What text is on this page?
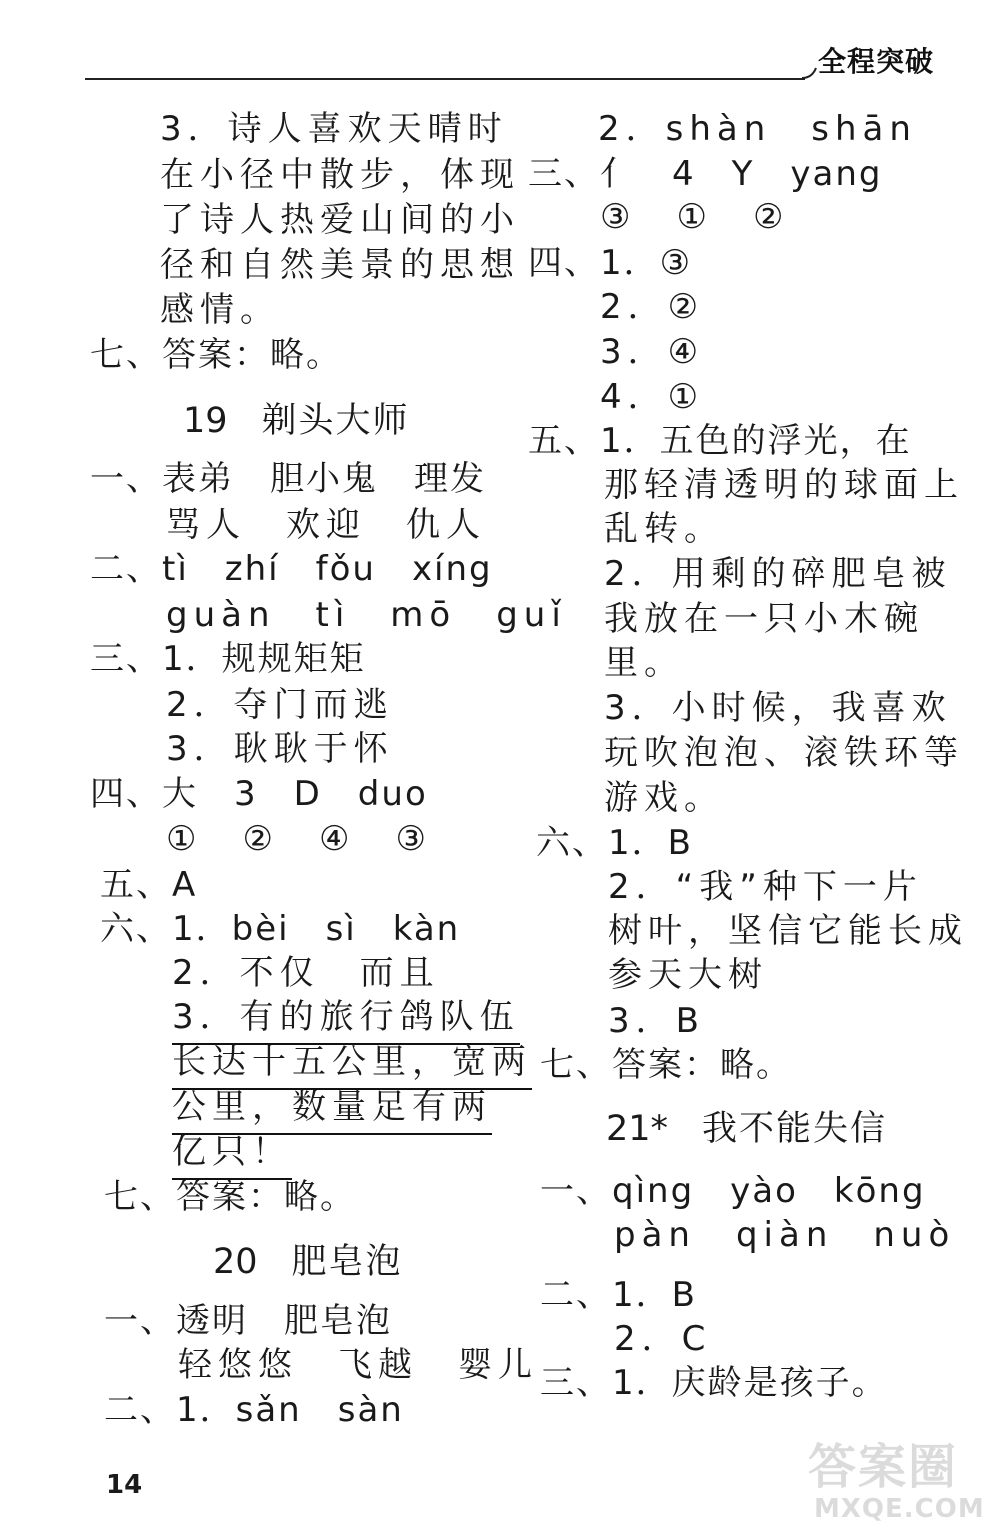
全程突破
3．诗人喜欢天晴时
在小径中散步，体现
了诗人热爱山间的小
径和自然美景的思想
感情。
七、答案：略。
19 剃头大师
一、表弟　胆小鬼　理发
骂人　欢迎　仇人
二、tì　zhí　fǒu　xíng
guàn　tì　mō　guǐ
三、1．规规矩矩
2．夺门而逃
3．耿耿于怀
四、大　3　D　duo
①　②　④　③
五、A
六、1．bèi　sì　kàn
2．不仅　而且
3．有的旅行鸽队伍
长达十五公里，宽两
公里，数量足有两
亿只！
七、答案：略。
20 肥皂泡
一、透明　肥皂泡
轻悠悠　飞越　婴儿
二、1．sǎn　sàn
2．shàn　shān
三、亻　4　Y　yang
③　①　②
四、1．③
2．②
3．④
4．①
五、1．五色的浮光，在
那轻清透明的球面上
乱转。
2．用剩的碎肥皂被
我放在一只小木碗
里。
3．小时候，我喜欢
玩吹泡泡、滚铁环等
游戏。
六、1．B
2．“我”种下一片
树叶，坚信它能长成
参天大树
3．B
七、答案：略。
21* 我不能失信
一、qìng　yào　kōng
pàn　qiàn　nuò
二、1．B
2．C
三、1．庆龄是孩子。
14	答案圈
MXQE.COM
